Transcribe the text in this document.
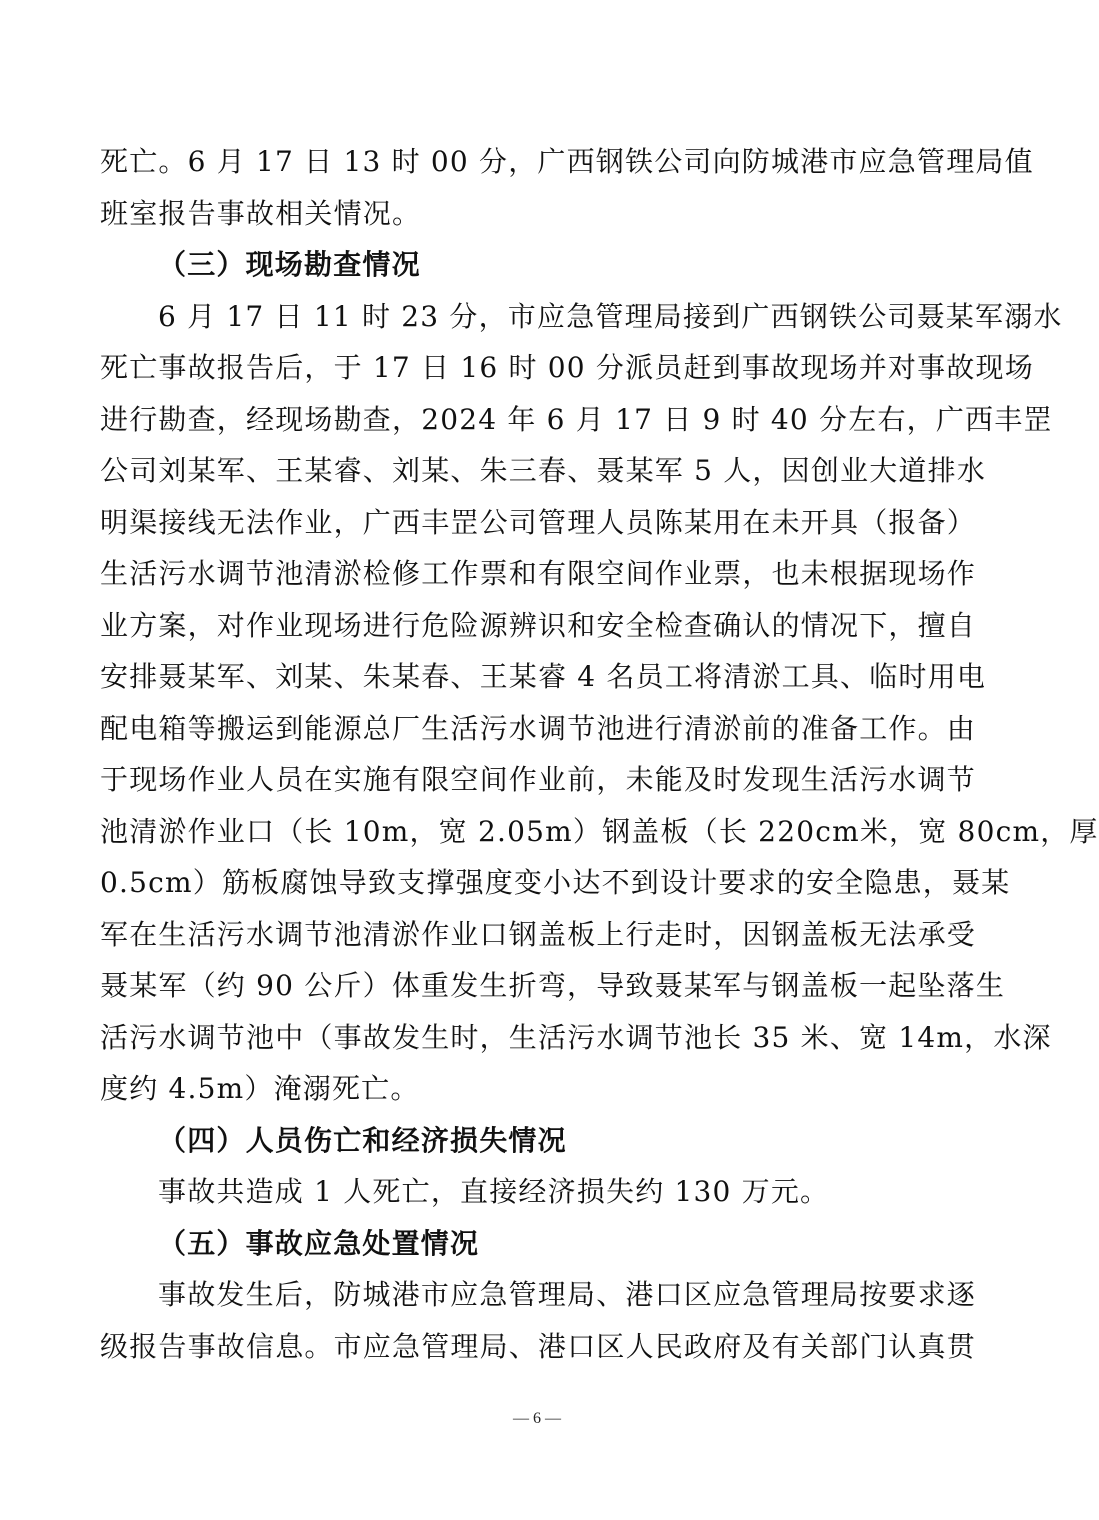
死亡。6 月 17 日 13 时 00 分，广西钢铁公司向防城港市应急管理局值
班室报告事故相关情况。
（三）现场勘查情况
6 月 17 日 11 时 23 分，市应急管理局接到广西钢铁公司聂某军溺水
死亡事故报告后，于 17 日 16 时 00 分派员赶到事故现场并对事故现场
进行勘查，经现场勘查，2024 年 6 月 17 日 9 时 40 分左右，广西丰罡
公司刘某军、王某睿、刘某、朱三春、聂某军 5 人，因创业大道排水
明渠接线无法作业，广西丰罡公司管理人员陈某用在未开具（报备）
生活污水调节池清淤检修工作票和有限空间作业票，也未根据现场作
业方案，对作业现场进行危险源辨识和安全检查确认的情况下，擅自
安排聂某军、刘某、朱某春、王某睿 4 名员工将清淤工具、临时用电
配电箱等搬运到能源总厂生活污水调节池进行清淤前的准备工作。由
于现场作业人员在实施有限空间作业前，未能及时发现生活污水调节
池清淤作业口（长 10m，宽 2.05m）钢盖板（长 220cm米，宽 80cm，厚
0.5cm）筋板腐蚀导致支撑强度变小达不到设计要求的安全隐患，聂某
军在生活污水调节池清淤作业口钢盖板上行走时，因钢盖板无法承受
聂某军（约 90 公斤）体重发生折弯，导致聂某军与钢盖板一起坠落生
活污水调节池中（事故发生时，生活污水调节池长 35 米、宽 14m，水深
度约 4.5m）淹溺死亡。
（四）人员伤亡和经济损失情况
事故共造成 1 人死亡，直接经济损失约 130 万元。
（五）事故应急处置情况
事故发生后，防城港市应急管理局、港口区应急管理局按要求逐
级报告事故信息。市应急管理局、港口区人民政府及有关部门认真贯
— 6 —
